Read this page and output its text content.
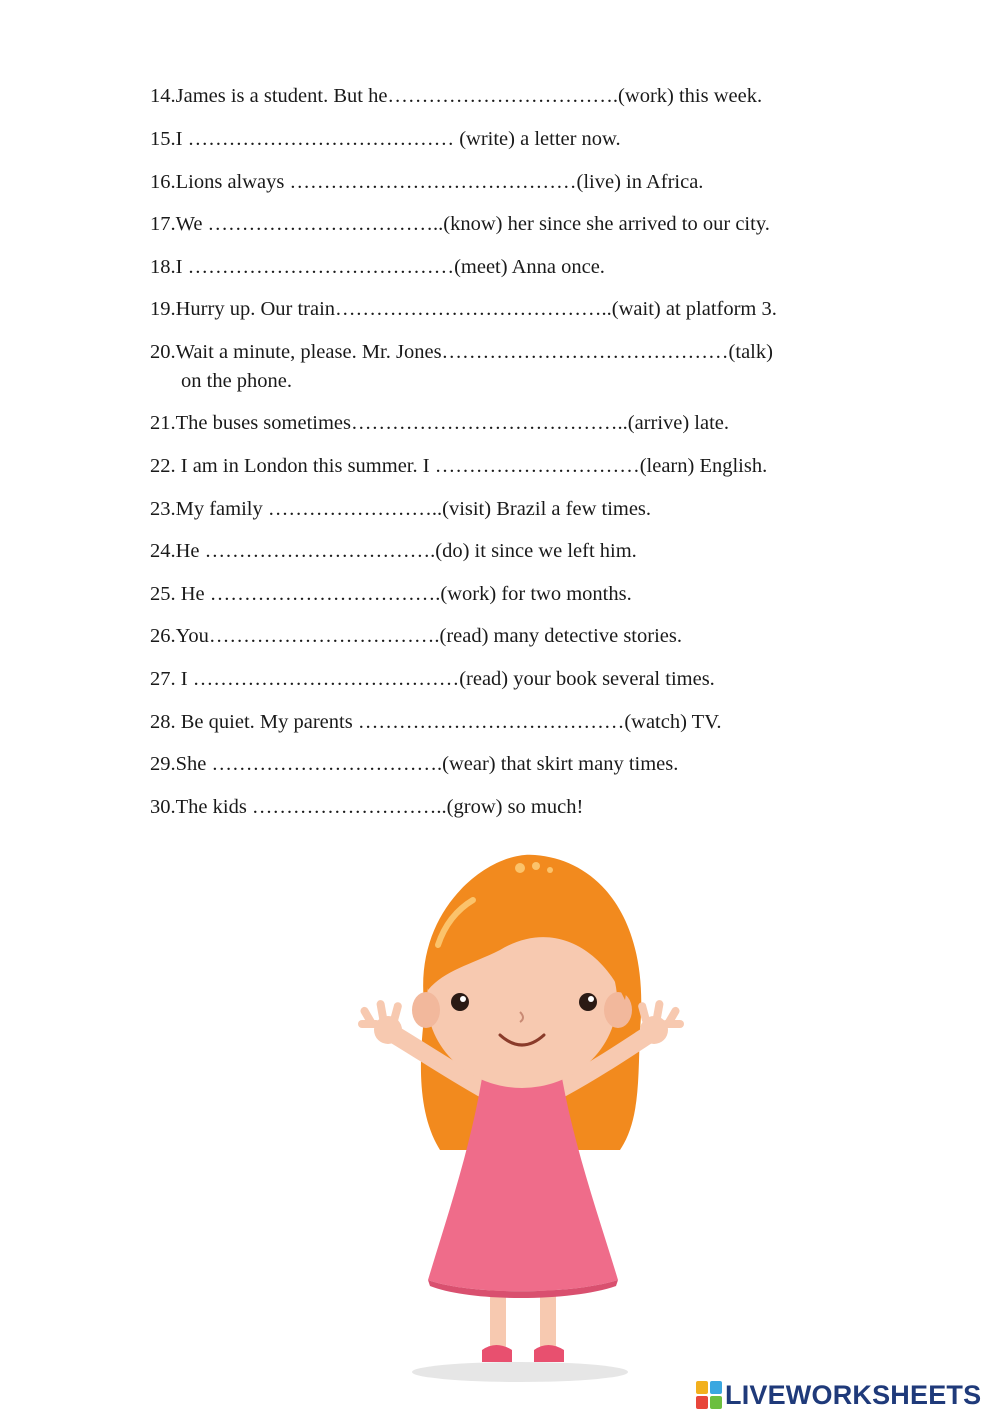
14.James is a student. But he…………………………….(work) this week.
15.I ………………………………… (write) a letter now.
16.Lions always ……………………………………(live) in Africa.
17.We ……………………………..(know) her since she arrived to our city.
18.I …………………………………(meet) Anna once.
19.Hurry up. Our train…………………………………..(wait) at platform 3.
20.Wait a minute, please. Mr. Jones……………………………………(talk)
on the phone.
21.The buses sometimes…………………………………..(arrive) late.
22. I am in London this summer. I …………………………(learn) English.
23.My family ……………………..(visit) Brazil a few times.
24.He …………………………….(do) it since we left him.
25. He …………………………….(work) for two months.
26.You…………………………….(read) many detective stories.
27. I …………………………………(read) your book several times.
28. Be quiet. My parents …………………………………(watch) TV.
29.She …………………………….(wear) that skirt many times.
30.The kids ………………………..(grow) so much!
LIVEWORKSHEETS
